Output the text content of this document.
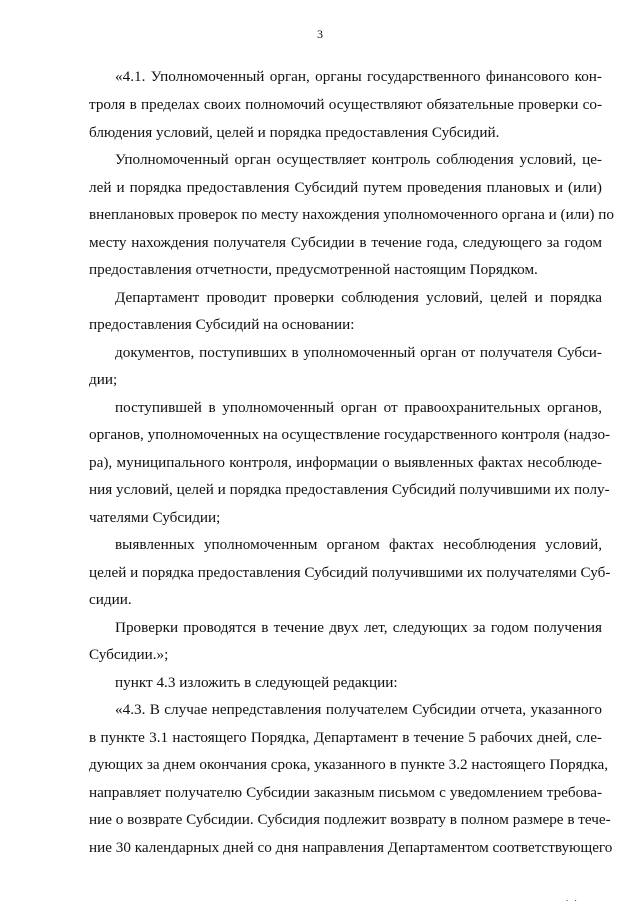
3
«4.1. Уполномоченный орган, органы государственного финансового кон-
троля в пределах своих полномочий осуществляют обязательные проверки со-
блюдения условий, целей и порядка предоставления Субсидий.
Уполномоченный орган осуществляет контроль соблюдения условий, це-
лей и порядка предоставления Субсидий путем проведения плановых и (или)
внеплановых проверок по месту нахождения уполномоченного органа и (или) по
месту нахождения получателя Субсидии в течение года, следующего за годом
предоставления отчетности, предусмотренной настоящим Порядком.
Департамент проводит проверки соблюдения условий, целей и порядка
предоставления Субсидий на основании:
документов, поступивших в уполномоченный орган от получателя Субси-
дии;
поступившей в уполномоченный орган от правоохранительных органов,
органов, уполномоченных на осуществление государственного контроля (надзо-
ра), муниципального контроля, информации о выявленных фактах несоблюде-
ния условий, целей и порядка предоставления Субсидий получившими их полу-
чателями Субсидии;
выявленных уполномоченным органом фактах несоблюдения условий,
целей и порядка предоставления Субсидий получившими их получателями Суб-
сидии.
Проверки проводятся в течение двух лет, следующих за годом получения
Субсидии.»;
пункт 4.3 изложить в следующей редакции:
«4.3. В случае непредставления получателем Субсидии отчета, указанного
в пункте 3.1 настоящего Порядка, Департамент в течение 5 рабочих дней, сле-
дующих за днем окончания срока, указанного в пункте 3.2 настоящего Порядка,
направляет получателю Субсидии заказным письмом с уведомлением требова-
ние о возврате Субсидии. Субсидия подлежит возврату в полном размере в тече-
ние 30 календарных дней со дня направления Департаментом соответствующего
. .
